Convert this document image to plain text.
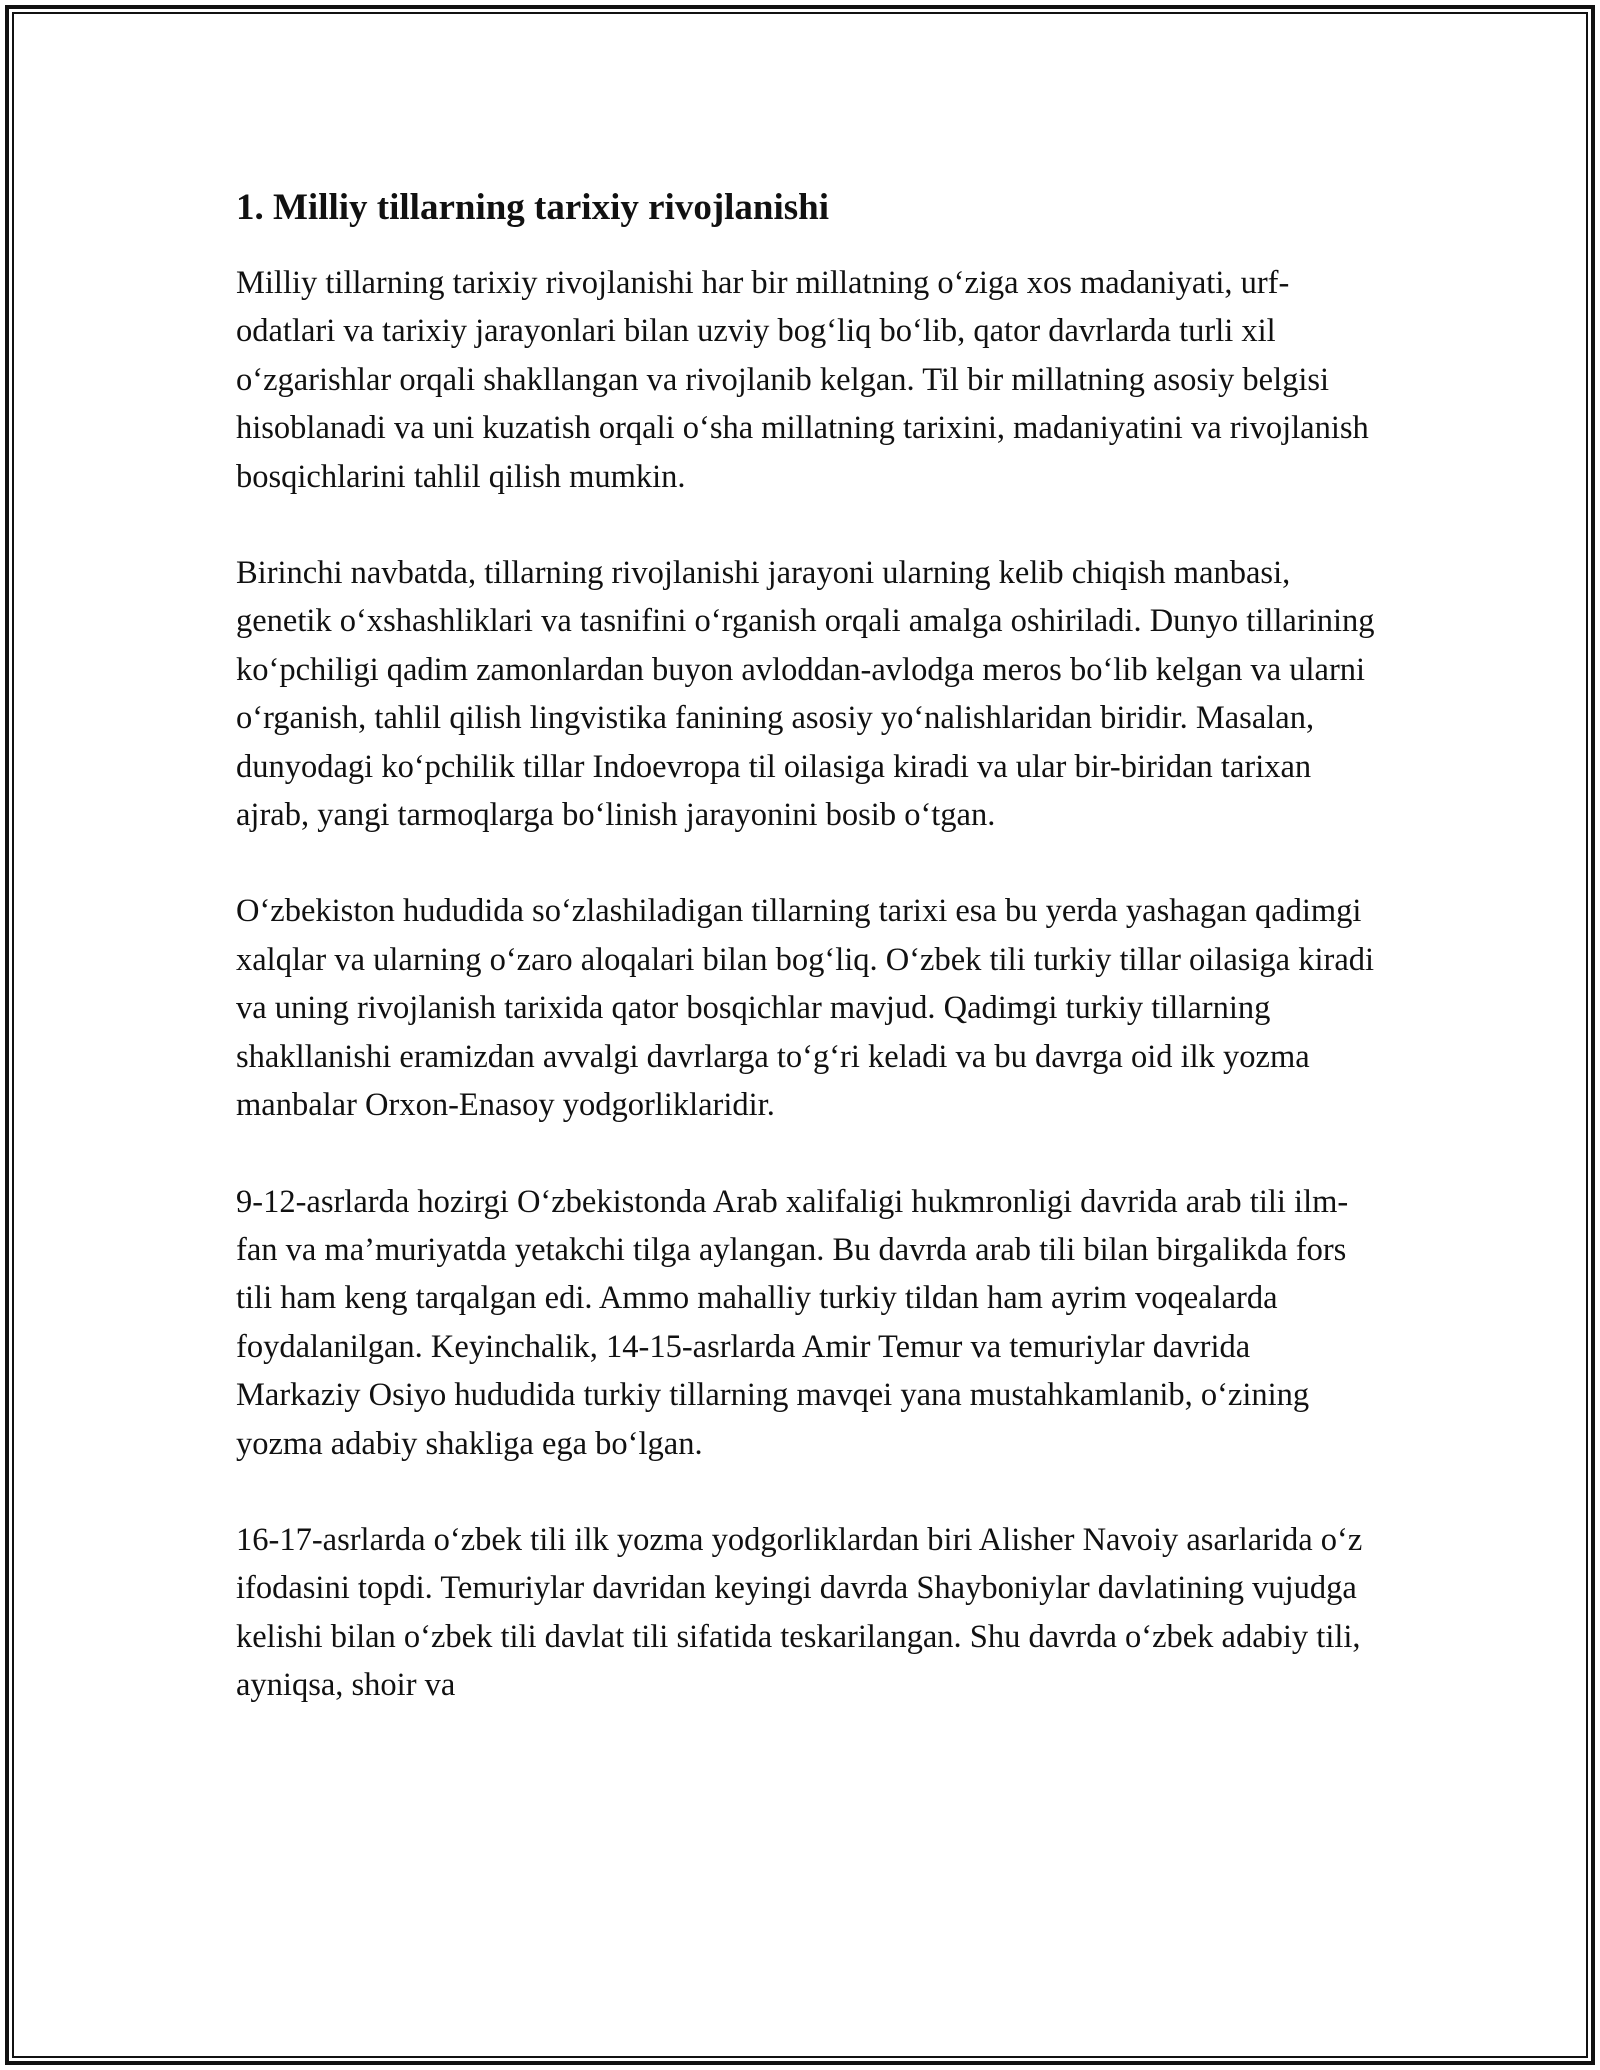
1. Milliy tillarning tarixiy rivojlanishi

Milliy tillarning tarixiy rivojlanishi har bir millatning o‘ziga xos madaniyati, urf-odatlari va tarixiy jarayonlari bilan uzviy bog‘liq bo‘lib, qator davrlarda turli xil o‘zgarishlar orqali shakllangan va rivojlanib kelgan. Til bir millatning asosiy belgisi hisoblanadi va uni kuzatish orqali o‘sha millatning tarixini, madaniyatini va rivojlanish bosqichlarini tahlil qilish mumkin.

Birinchi navbatda, tillarning rivojlanishi jarayoni ularning kelib chiqish manbasi, genetik o‘xshashliklari va tasnifini o‘rganish orqali amalga oshiriladi. Dunyo tillarining ko‘pchiligi qadim zamonlardan buyon avloddan-avlodga meros bo‘lib kelgan va ularni o‘rganish, tahlil qilish lingvistika fanining asosiy yo‘nalishlaridan biridir. Masalan, dunyodagi ko‘pchilik tillar Indoevropa til oilasiga kiradi va ular bir-biridan tarixan ajrab, yangi tarmoqlarga bo‘linish jarayonini bosib o‘tgan.

O‘zbekiston hududida so‘zlashiladigan tillarning tarixi esa bu yerda yashagan qadimgi xalqlar va ularning o‘zaro aloqalari bilan bog‘liq. O‘zbek tili turkiy tillar oilasiga kiradi va uning rivojlanish tarixida qator bosqichlar mavjud. Qadimgi turkiy tillarning shakllanishi eramizdan avvalgi davrlarga to‘g‘ri keladi va bu davrga oid ilk yozma manbalar Orxon-Enasoy yodgorliklaridir.

9-12-asrlarda hozirgi O‘zbekistonda Arab xalifaligi hukmronligi davrida arab tili ilm-fan va ma’muriyatda yetakchi tilga aylangan. Bu davrda arab tili bilan birgalikda fors tili ham keng tarqalgan edi. Ammo mahalliy turkiy tildan ham ayrim voqealarda foydalanilgan. Keyinchalik, 14-15-asrlarda Amir Temur va temuriylar davrida Markaziy Osiyo hududida turkiy tillarning mavqei yana mustahkamlanib, o‘zining yozma adabiy shakliga ega bo‘lgan.

16-17-asrlarda o‘zbek tili ilk yozma yodgorliklardan biri Alisher Navoiy asarlarida o‘z ifodasini topdi. Temuriylar davridan keyingi davrda Shayboniylar davlatining vujudga kelishi bilan o‘zbek tili davlat tili sifatida teskarilangan. Shu davrda o‘zbek adabiy tili, ayniqsa, shoir va
